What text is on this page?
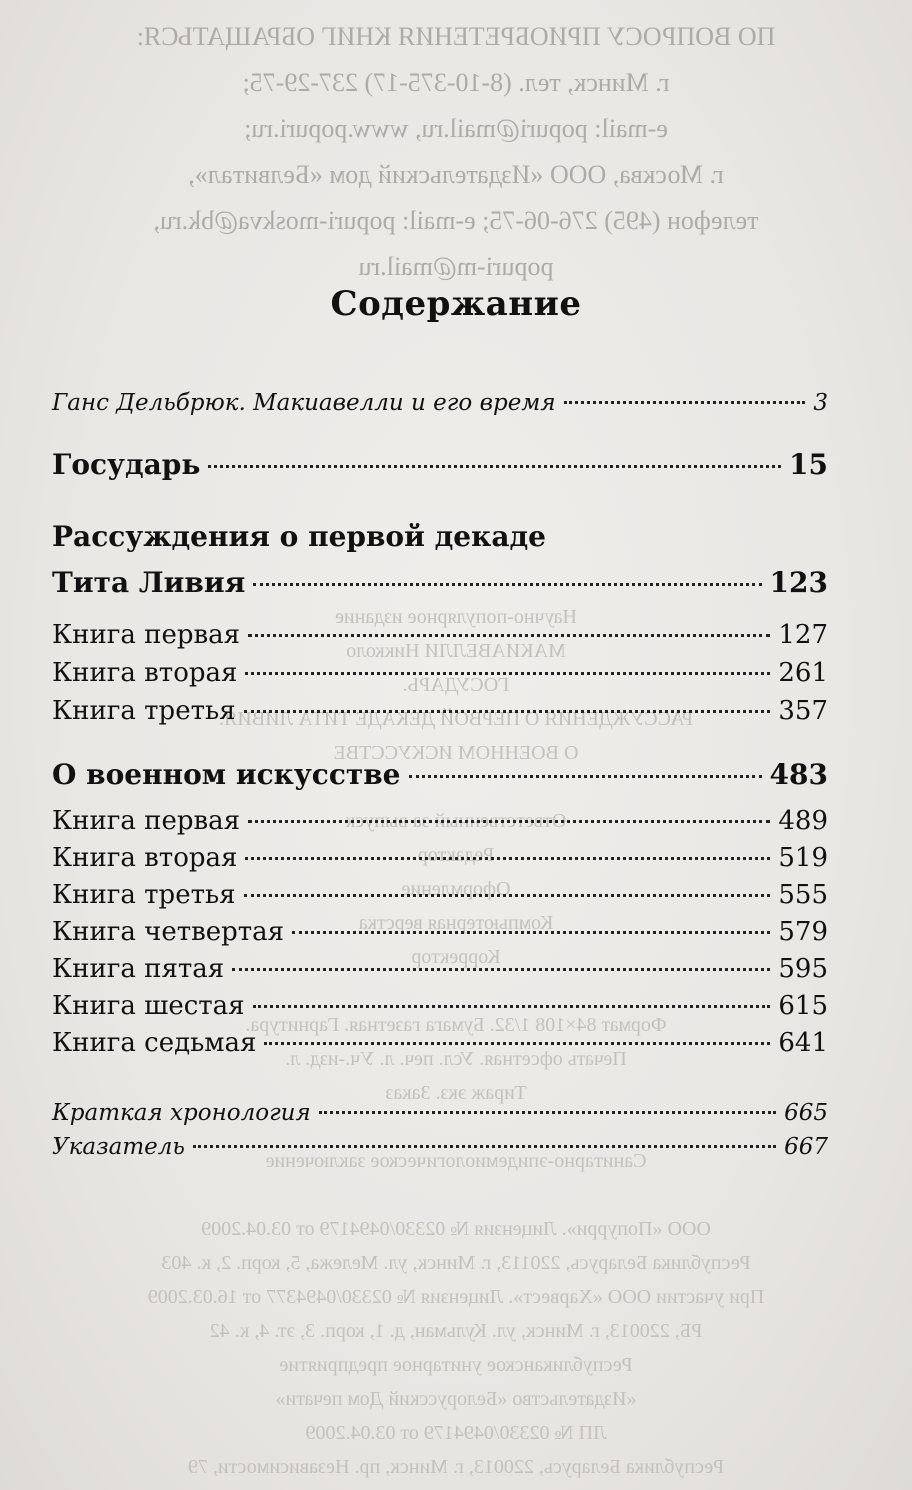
ПО ВОПРОСУ ПРИОБРЕТЕНИЯ КНИГ ОБРАЩАТЬСЯ:
г. Минск, тел. (8-10-375-17) 237-29-75;
e-mail: popuri@mail.ru, www.popuri.ru;
г. Москва, ООО «Издательский дом «Белвитал»,
телефон (495) 276-06-75; e-mail: popuri-moskva@bk.ru,
popuri-m@mail.ru
Научно-популярное издание
МАКИАВЕЛЛИ Никколо
ГОСУДАРЬ.
РАССУЖДЕНИЯ О ПЕРВОЙ ДЕКАДЕ ТИТА ЛИВИЯ.
О ВОЕННОМ ИСКУССТВЕ
Ответственный за выпуск
Редактор
Оформление
Компьютерная верстка
Корректор
Формат 84×108 1/32. Бумага газетная. Гарнитура.
Печать офсетная. Усл. печ. л. Уч.-изд. л.
Тираж экз. Заказ
Санитарно-эпидемиологическое заключение
ООО «Попурри». Лицензия № 02330/0494179 от 03.04.2009
Республика Беларусь, 220113, г. Минск, ул. Мележа, 5, корп. 2, к. 403
При участии ООО «Харвест». Лицензия № 02330/0494377 от 16.03.2009
РБ, 220013, г. Минск, ул. Кульман, д. 1, корп. 3, эт. 4, к. 42
Республиканское унитарное предприятие
«Издательство «Белорусский Дом печати»
ЛП № 02330/0494179 от 03.04.2009
Республика Беларусь, 220013, г. Минск, пр. Независимости, 79
Содержание
Ганс Дельбрюк. Макиавелли и его время	3
Государь	15
Рассуждения о первой декаде
Тита Ливия	123
Книга первая	127
Книга вторая	261
Книга третья	357
О военном искусстве	483
Книга первая	489
Книга вторая	519
Книга третья	555
Книга четвертая	579
Книга пятая	595
Книга шестая	615
Книга седьмая	641
Краткая хронология	665
Указатель	667
